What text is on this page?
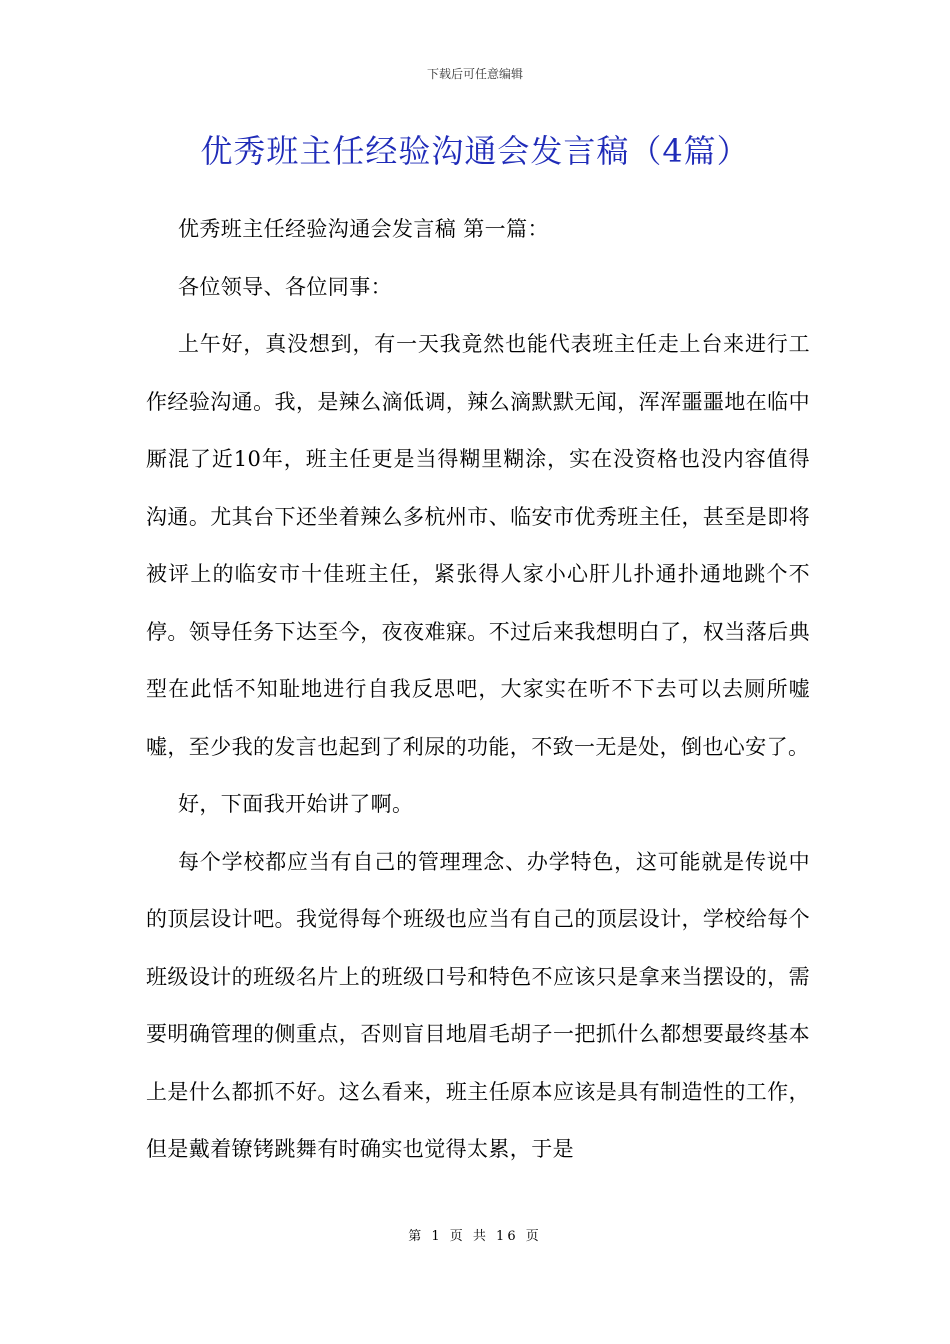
下载后可任意编辑
优秀班主任经验沟通会发言稿（4篇）

优秀班主任经验沟通会发言稿 第一篇：

各位领导、各位同事：

上午好，真没想到，有一天我竟然也能代表班主任走上台来进行工作经验沟通。我，是辣么滴低调，辣么滴默默无闻，浑浑噩噩地在临中厮混了近10年，班主任更是当得糊里糊涂，实在没资格也没内容值得沟通。尤其台下还坐着辣么多杭州市、临安市优秀班主任，甚至是即将被评上的临安市十佳班主任，紧张得人家小心肝儿扑通扑通地跳个不停。领导任务下达至今，夜夜难寐。不过后来我想明白了，权当落后典型在此恬不知耻地进行自我反思吧，大家实在听不下去可以去厕所嘘嘘，至少我的发言也起到了利尿的功能，不致一无是处，倒也心安了。

好，下面我开始讲了啊。

每个学校都应当有自己的管理理念、办学特色，这可能就是传说中的顶层设计吧。我觉得每个班级也应当有自己的顶层设计，学校给每个班级设计的班级名片上的班级口号和特色不应该只是拿来当摆设的，需要明确管理的侧重点，否则盲目地眉毛胡子一把抓什么都想要最终基本上是什么都抓不好。这么看来，班主任原本应该是具有制造性的工作，但是戴着镣铐跳舞有时确实也觉得太累，于是

第 1 页 共 16 页
